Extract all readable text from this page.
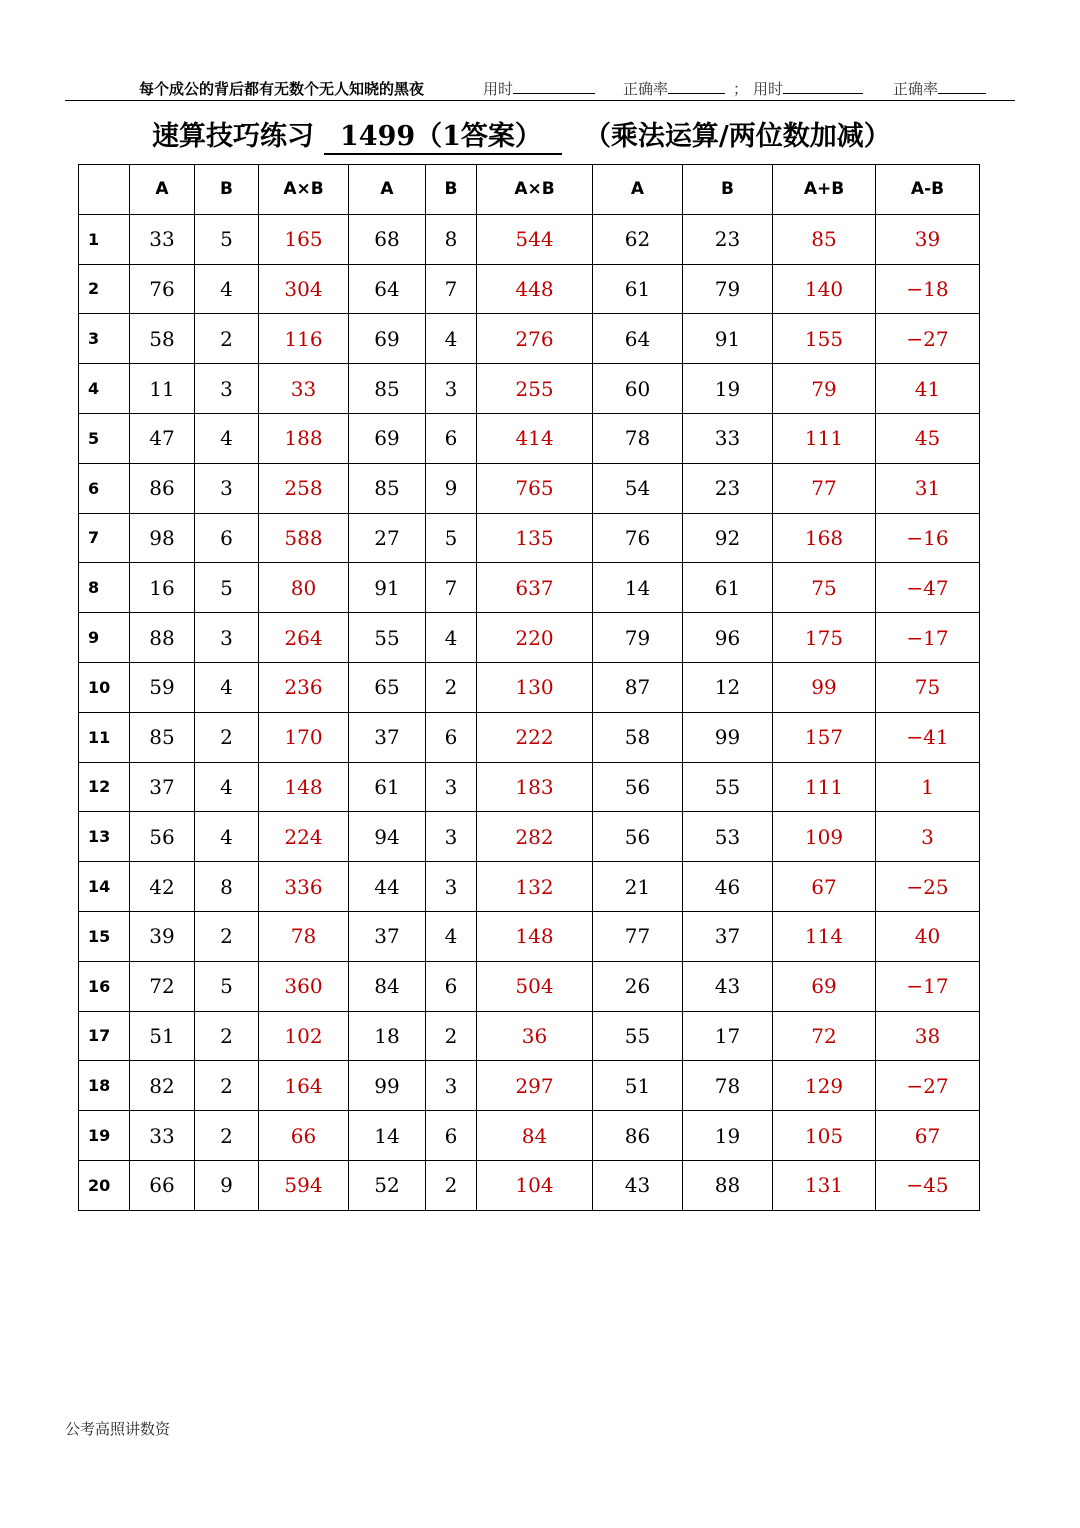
每个成公的背后都有无数个无人知晓的黑夜	用时	正确率	； 用时	正确率
速算技巧练习 1499（1答案） （乘法运算/两位数加减）
	A	B	A×B	A	B	A×B	A	B	A+B	A-B
1	33	5	165	68	8	544	62	23	85	39
2	76	4	304	64	7	448	61	79	140	−18
3	58	2	116	69	4	276	64	91	155	−27
4	11	3	33	85	3	255	60	19	79	41
5	47	4	188	69	6	414	78	33	111	45
6	86	3	258	85	9	765	54	23	77	31
7	98	6	588	27	5	135	76	92	168	−16
8	16	5	80	91	7	637	14	61	75	−47
9	88	3	264	55	4	220	79	96	175	−17
10	59	4	236	65	2	130	87	12	99	75
11	85	2	170	37	6	222	58	99	157	−41
12	37	4	148	61	3	183	56	55	111	1
13	56	4	224	94	3	282	56	53	109	3
14	42	8	336	44	3	132	21	46	67	−25
15	39	2	78	37	4	148	77	37	114	40
16	72	5	360	84	6	504	26	43	69	−17
17	51	2	102	18	2	36	55	17	72	38
18	82	2	164	99	3	297	51	78	129	−27
19	33	2	66	14	6	84	86	19	105	67
20	66	9	594	52	2	104	43	88	131	−45
公考高照讲数资
